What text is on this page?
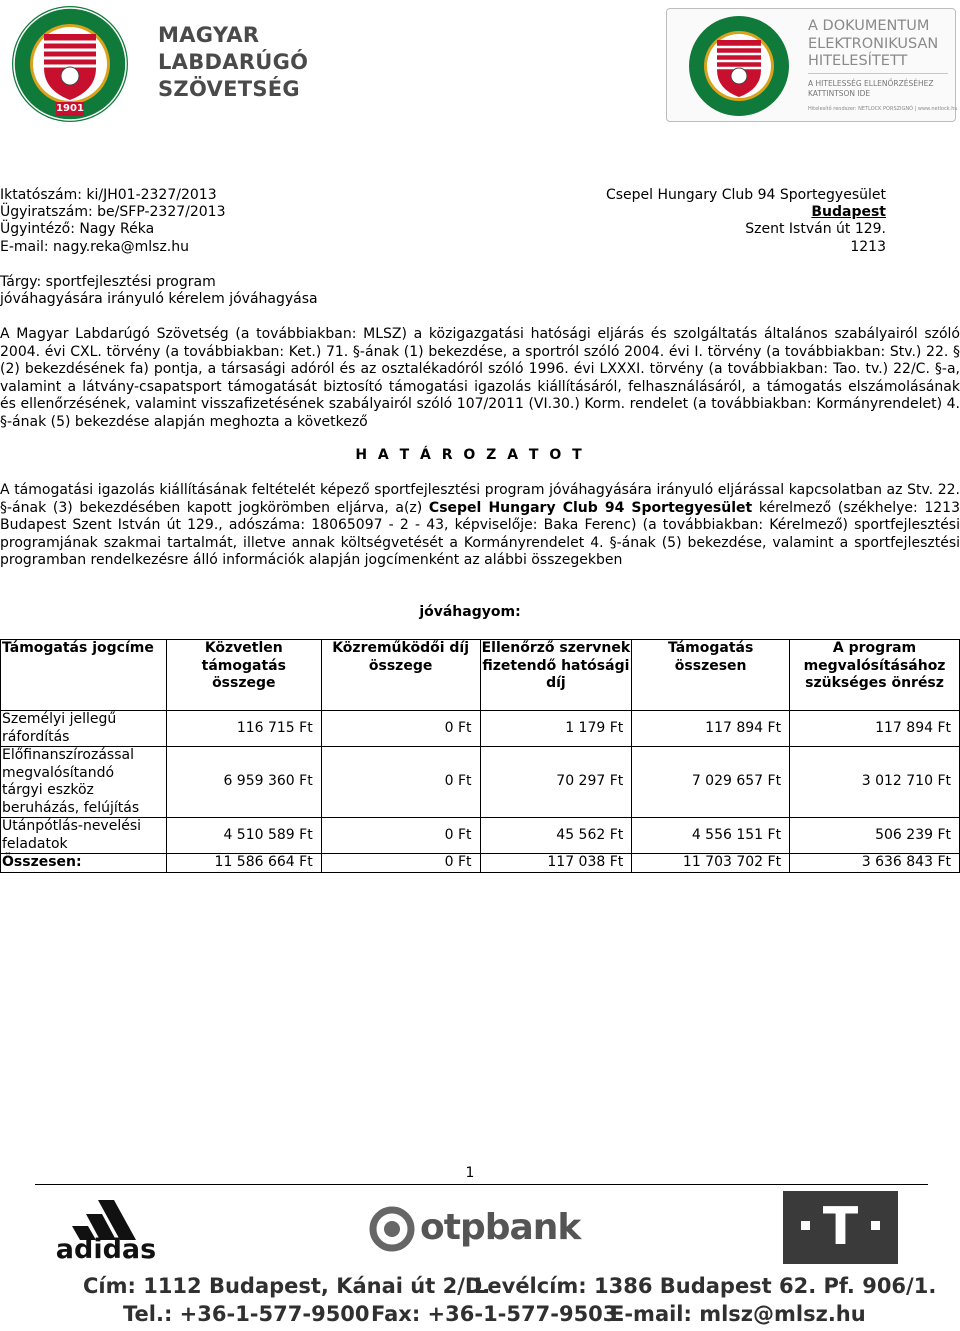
1901
MAGYAR
LABDARÚGÓ
SZÖVETSÉG
A DOKUMENTUM
ELEKTRONIKUSAN
HITELESÍTETT
A HITELESSÉG ELLENŐRZÉSÉHEZ
KATTINTSON IDE
Hitelesítő rendszer: NETLOCK PORSZIGNÓ | www.netlock.hu
Iktatószám: ki/JH01-2327/2013
Ügyiratszám: be/SFP-2327/2013
Ügyintéző: Nagy Réka
E-mail: nagy.reka@mlsz.hu
Csepel Hungary Club 94 Sportegyesület
Budapest
Szent István út 129.
1213
Tárgy: sportfejlesztési program
jóváhagyására irányuló kérelem jóváhagyása

A Magyar Labdarúgó Szövetség (a továbbiakban: MLSZ) a közigazgatási hatósági eljárás és szolgáltatás általános szabályairól szóló 2004. évi CXL. törvény (a továbbiakban: Ket.) 71. §-ának (1) bekezdése, a sportról szóló 2004. évi I. törvény (a továbbiakban: Stv.) 22. § (2) bekezdésének fa) pontja, a társasági adóról és az osztalékadóról szóló 1996. évi LXXXI. törvény (a továbbiakban: Tao. tv.) 22/C. §-a, valamint a látvány-csapatsport támogatását biztosító támogatási igazolás kiállításáról, felhasználásáról, a támogatás elszámolásának és ellenőrzésének, valamint visszafizetésének szabályairól szóló 107/2011 (VI.30.) Korm. rendelet (a továbbiakban: Kormányrendelet) 4. §-ának (5) bekezdése alapján meghozta a következő

H A T Á R O Z A T O T

A támogatási igazolás kiállításának feltételét képező sportfejlesztési program jóváhagyására irányuló eljárással kapcsolatban az Stv. 22. §-ának (3) bekezdésében kapott jogkörömben eljárva, a(z) Csepel Hungary Club 94 Sportegyesület kérelmező (székhelye: 1213 Budapest Szent István út 129., adószáma: 18065097 - 2 - 43, képviselője: Baka Ferenc) (a továbbiakban: Kérelmező) sportfejlesztési programjának szakmai tartalmát, illetve annak költségvetését a Kormányrendelet 4. §-ának (5) bekezdése, valamint a sportfejlesztési programban rendelkezésre álló információk alapján jogcímenként az alábbi összegekben

jóváhagyom:
Támogatás jogcíme	Közvetlen támogatás összege	Közreműködői díj összege	Ellenőrző szervnek fizetendő hatósági díj	Támogatás összesen	A program megvalósításához szükséges önrész
Személyi jellegű ráfordítás	116 715 Ft	0 Ft	1 179 Ft	117 894 Ft	117 894 Ft
Előfinanszírozással megvalósítandó tárgyi eszköz beruházás, felújítás	6 959 360 Ft	0 Ft	70 297 Ft	7 029 657 Ft	3 012 710 Ft
Utánpótlás-nevelési feladatok	4 510 589 Ft	0 Ft	45 562 Ft	4 556 151 Ft	506 239 Ft
Összesen:	11 586 664 Ft	0 Ft	117 038 Ft	11 703 702 Ft	3 636 843 Ft
1
adidas
otpbank	T
Cím: 1112 Budapest, Kánai út 2/D.
Levélcím: 1386 Budapest 62. Pf. 906/1.
Tel.: +36-1-577-9500 Fax: +36-1-577-9503
E-mail: mlsz@mlsz.hu
